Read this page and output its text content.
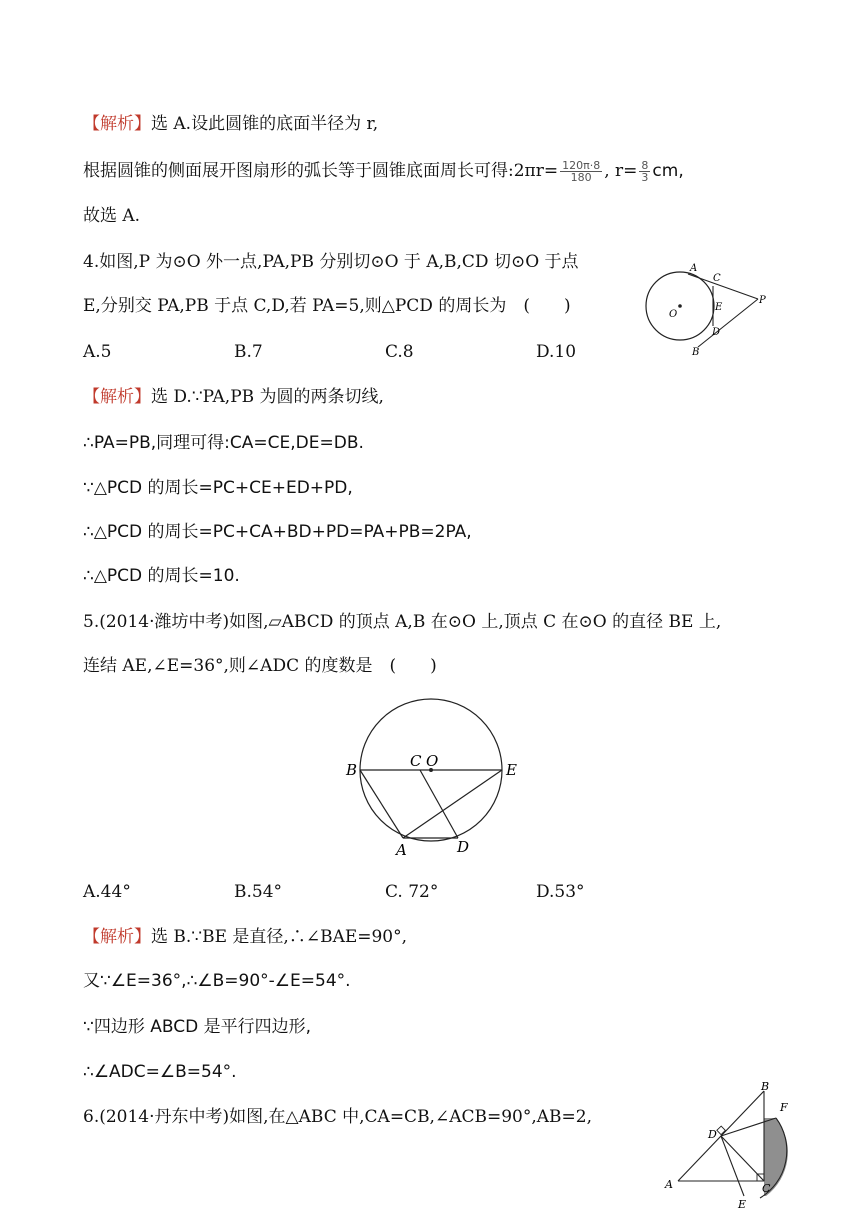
【解析】选 A.设此圆锥的底面半径为 r,
根据圆锥的侧面展开图扇形的弧长等于圆锥底面周长可得:2πr= $\frac{120\pi\cdot 8}{180}$ , $r= \frac{8}{3}$ cm,
故选 A.
4.如图,P 为⊙O 外一点,PA,PB 分别切⊙O 于 A,B,CD 切⊙O 于点
E,分别交 PA,PB 于点 C,D,若 PA=5,则△PCD 的周长为　(　　)
A.5	B.7	C.8	D.10
A
B
C
D
E
O
P
【解析】选 D.∵PA,PB 为圆的两条切线,
∴PA=PB,同理可得:CA=CE,DE=DB.
∵△PCD 的周长=PC+CE+ED+PD,
∴△PCD 的周长=PC+CA+BD+PD=PA+PB=2PA,
∴△PCD 的周长=10.
5.(2014·潍坊中考)如图,▱ABCD 的顶点 A,B 在⊙O 上,顶点 C 在⊙O 的直径 BE 上,
连结 AE,∠E=36°,则∠ADC 的度数是　(　　)
B	E
C O
A	D
A.44°	B.54°	C. 72°	D.53°
【解析】选 B.∵BE 是直径,∴∠BAE=90°,
又∵∠E=36°,∴∠B=90°-∠E=54°.
∵四边形 ABCD 是平行四边形,
∴∠ADC=∠B=54°.
6.(2014·丹东中考)如图,在△ABC 中,CA=CB,∠ACB=90°,AB=2,
B
F
D
A	C
E
